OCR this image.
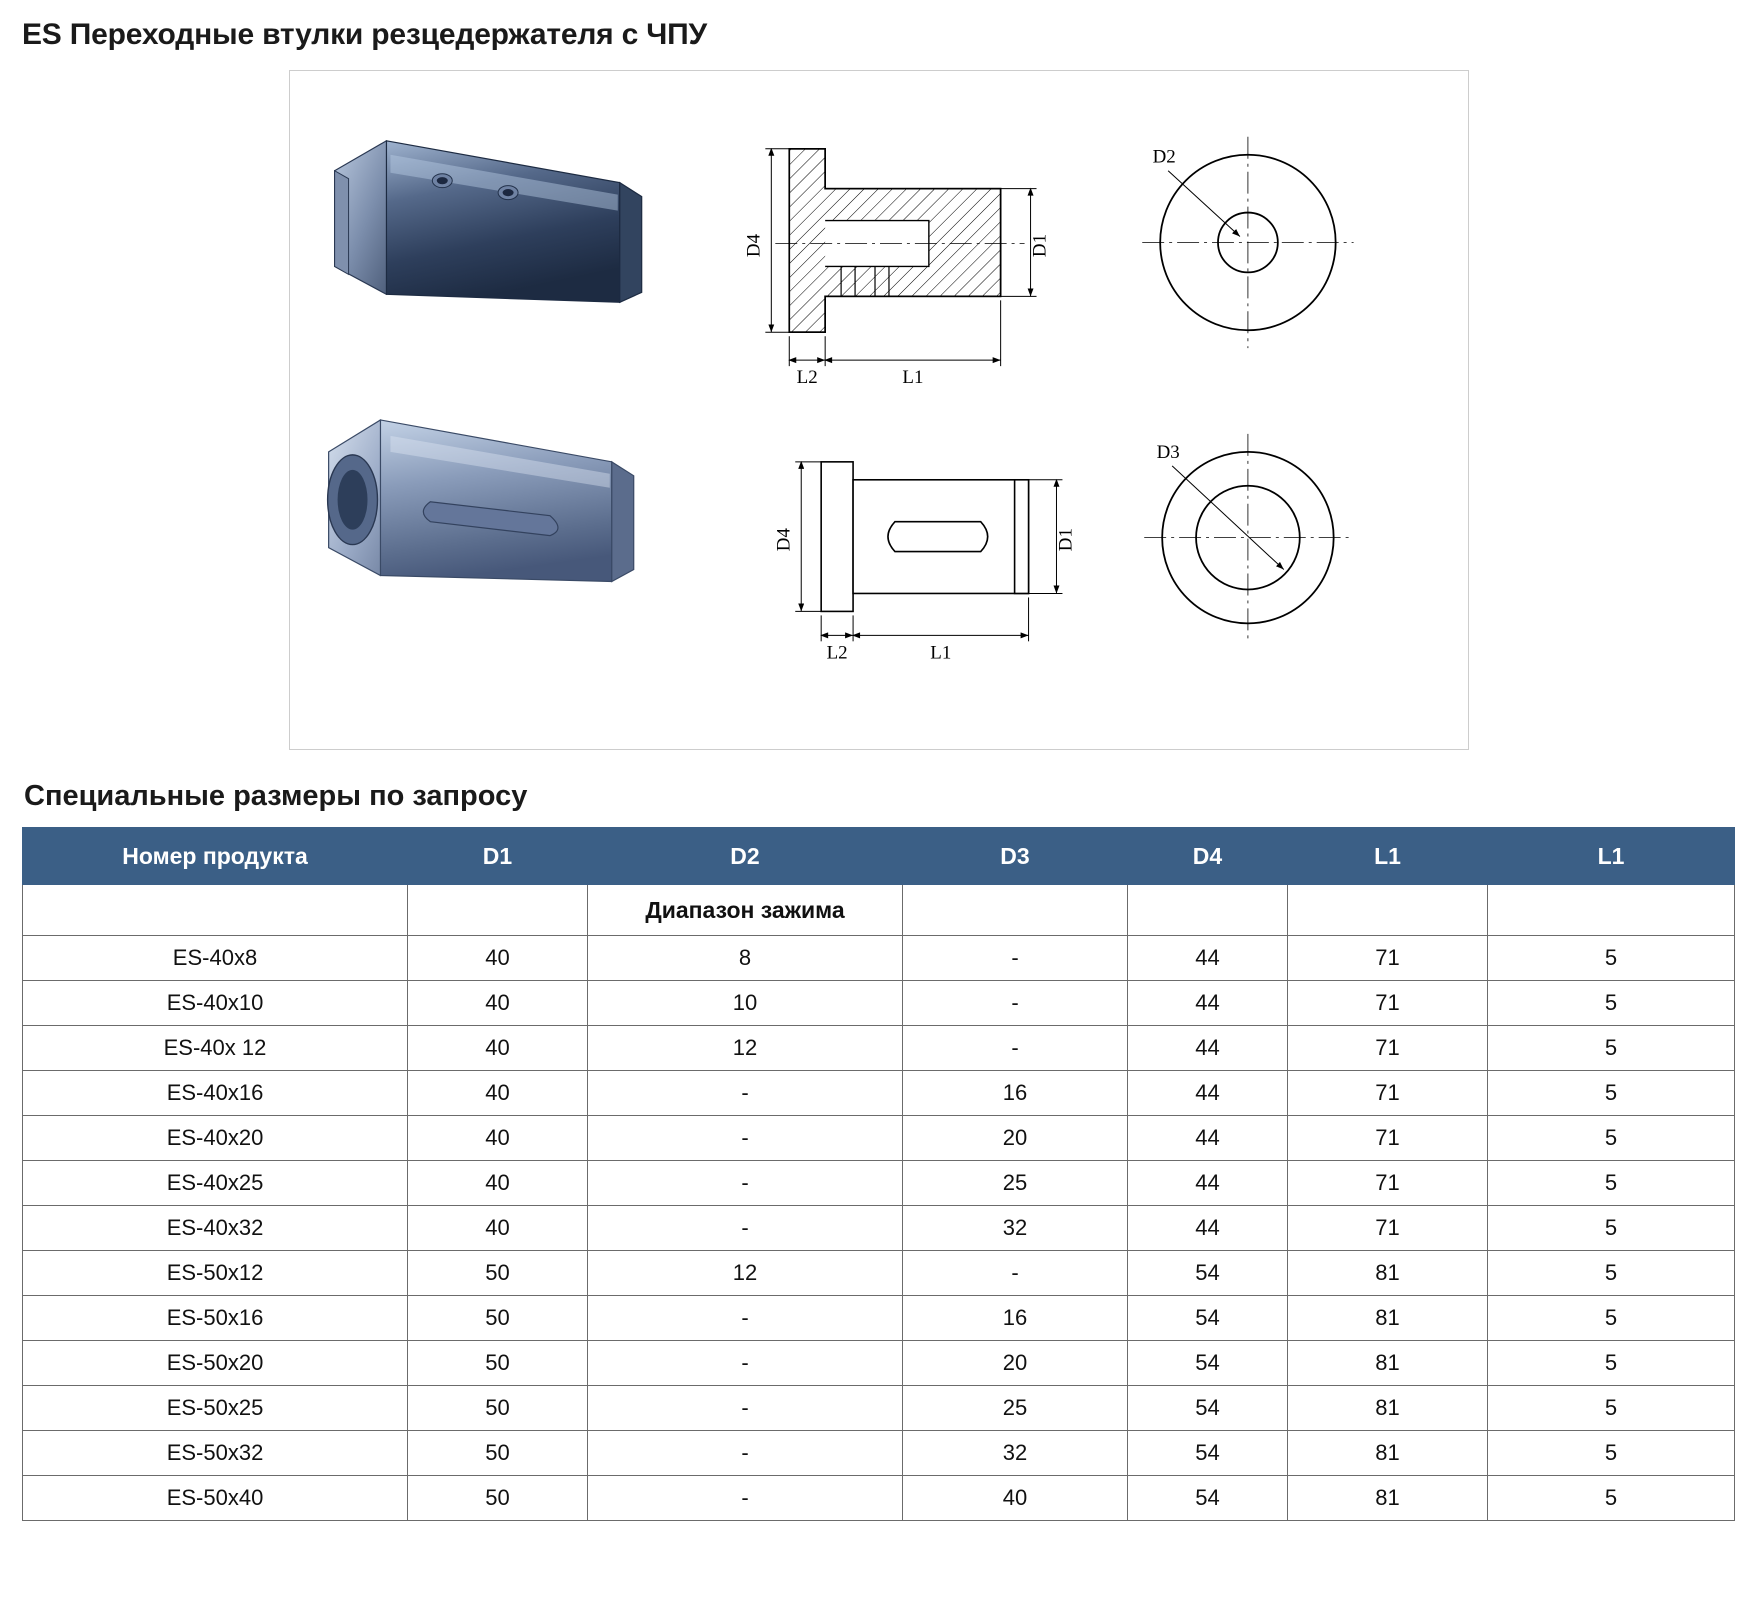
ES Переходные втулки резцедержателя с ЧПУ
D4	D1
L2	L1
D4	D1
L2	L1
D2
D3
Специальные размеры по запросу
Номер продукта	D1	D2	D3	D4	L1	L1
		Диапазон зажима				
ES-40x8	40	8	-	44	71	5
ES-40x10	40	10	-	44	71	5
ES-40x 12	40	12	-	44	71	5
ES-40x16	40	-	16	44	71	5
ES-40x20	40	-	20	44	71	5
ES-40x25	40	-	25	44	71	5
ES-40x32	40	-	32	44	71	5
ES-50x12	50	12	-	54	81	5
ES-50x16	50	-	16	54	81	5
ES-50x20	50	-	20	54	81	5
ES-50x25	50	-	25	54	81	5
ES-50x32	50	-	32	54	81	5
ES-50x40	50	-	40	54	81	5
